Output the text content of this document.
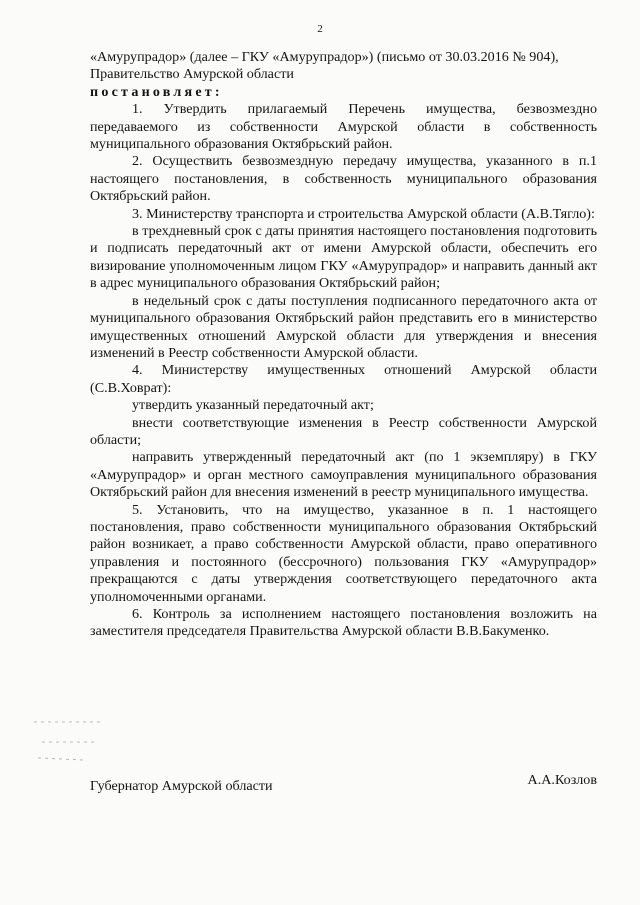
2

«Амурупрадор» (далее – ГКУ «Амурупрадор») (письмо от 30.03.2016 № 904),

Правительство Амурской области

постановляет:

1. Утвердить прилагаемый Перечень имущества, безвозмездно передаваемого из собственности Амурской области в собственность муниципального образования Октябрьский район.

2. Осуществить безвозмездную передачу имущества, указанного в п.1 настоящего постановления, в собственность муниципального образования Октябрьский район.

3. Министерству транспорта и строительства Амурской области (А.В.Тягло):

в трехдневный срок с даты принятия настоящего постановления подготовить и подписать передаточный акт от имени Амурской области, обеспечить его визирование уполномоченным лицом ГКУ «Амурупрадор» и направить данный акт в адрес муниципального образования Октябрьский район;

в недельный срок с даты поступления подписанного передаточного акта от муниципального образования Октябрьский район представить его в министерство имущественных отношений Амурской области для утверждения и внесения изменений в Реестр собственности Амурской области.

4. Министерству имущественных отношений Амурской области (С.В.Ховрат):

утвердить указанный передаточный акт;

внести соответствующие изменения в Реестр собственности Амурской области;

направить утвержденный передаточный акт (по 1 экземпляру) в ГКУ «Амурупрадор» и орган местного самоуправления муниципального образования Октябрьский район для внесения изменений в реестр муниципального имущества.

5. Установить, что на имущество, указанное в п. 1 настоящего постановления, право собственности муниципального образования Октябрьский район возникает, а право собственности Амурской области, право оперативного управления и постоянного (бессрочного) пользования ГКУ «Амурупрадор» прекращаются с даты утверждения соответствующего передаточного акта уполномоченными органами.

6. Контроль за исполнением настоящего постановления возложить на заместителя председателя Правительства Амурской области В.В.Бакуменко.

Губернатор Амурской области	А.А.Козлов
